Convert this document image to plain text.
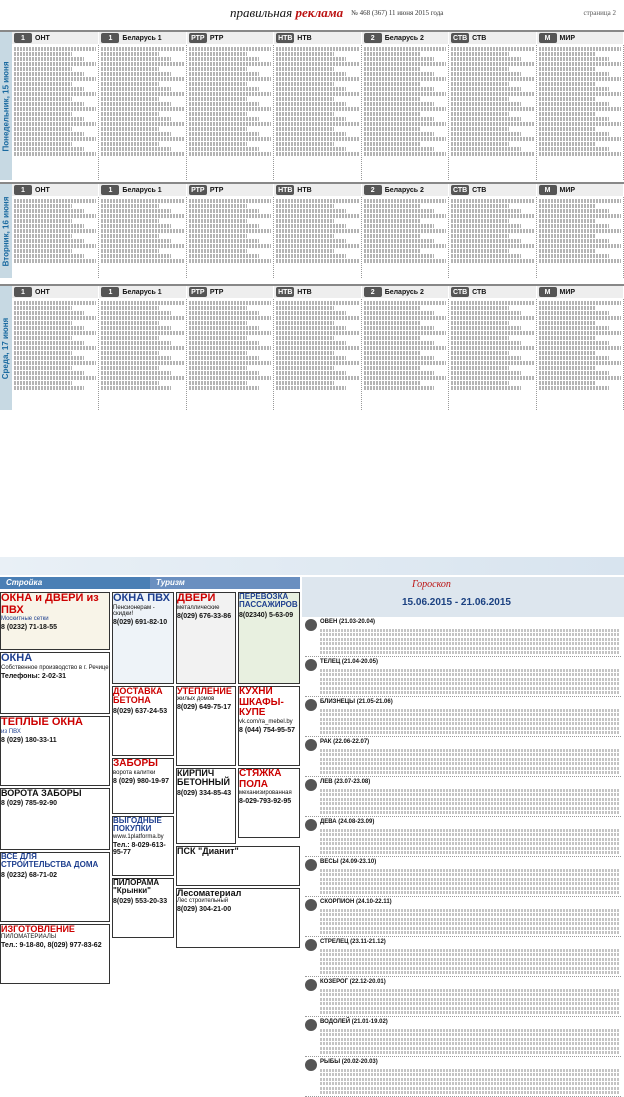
правильная реклама № 468 (367) 11 июня 2015 года	страница 2
Понедельник, 15 июня
1	ОНТ	1	Беларусь 1	РТР РТР	НТВ НТВ	2	Беларусь 2	СТВ СТВ	М	МИР
Вторник, 16 июня
1	ОНТ	1	Беларусь 1	РТР РТР	НТВ НТВ	2	Беларусь 2	СТВ СТВ	М	МИР
Среда, 17 июня
1	ОНТ	1	Беларусь 1	РТР РТР	НТВ НТВ	2	Беларусь 2	СТВ СТВ	М	МИР
Стройка	Туризм
ОКНА и ДВЕРИ из ПВХ
Москитные сетки
8 (0232) 71-18-55
ОКНА ПВХ
Пенсионерам - скидки!
8(029) 691-82-10
ДВЕРИ
металлические
8(029) 676-33-86
ПЕРЕВОЗКА ПАССАЖИРОВ
8(02340) 5-63-09
ОКНА
Собственное производство в г. Речице
Телефоны: 2-02-31
ДОСТАВКА БЕТОНА
8(029) 637-24-53
УТЕПЛЕНИЕ
жилых домов
8(029) 649-75-17
КУХНИ ШКАФЫ-КУПЕ
vk.com/ra_mebel.by
8 (044) 754-95-57
ТЕПЛЫЕ ОКНА
из ПВХ
8 (029) 180-33-11
ЗАБОРЫ
ворота калитки
8 (029) 980-19-97
КИРПИЧ БЕТОННЫЙ
8(029) 334-85-43
СТЯЖКА ПОЛА
механизированная
8-029-793-92-95
ВОРОТА ЗАБОРЫ
8 (029) 785-92-90
ВЫГОДНЫЕ ПОКУПКИ
www.1platforma.by
Тел.: 8-029-613-95-77	ПСК "Дианит"
ВСЁ ДЛЯ СТРОИТЕЛЬСТВА ДОМА
8 (0232) 68-71-02
ПИЛОРАМА "Крынки"
8(029) 553-20-33
Лесоматериал
Лес строительный
8(029) 304-21-00
ИЗГОТОВЛЕНИЕ
ПИЛОМАТЕРИАЛЫ
Тел.: 9-18-80, 8(029) 977-83-62
Гороскоп
15.06.2015 - 21.06.2015
ОВЕН (21.03-20.04)
ТЕЛЕЦ (21.04-20.05)
БЛИЗНЕЦЫ (21.05-21.06)
РАК (22.06-22.07)
ЛЕВ (23.07-23.08)
ДЕВА (24.08-23.09)
ВЕСЫ (24.09-23.10)
СКОРПИОН (24.10-22.11)
СТРЕЛЕЦ (23.11-21.12)
КОЗЕРОГ (22.12-20.01)
ВОДОЛЕЙ (21.01-19.02)
РЫБЫ (20.02-20.03)
